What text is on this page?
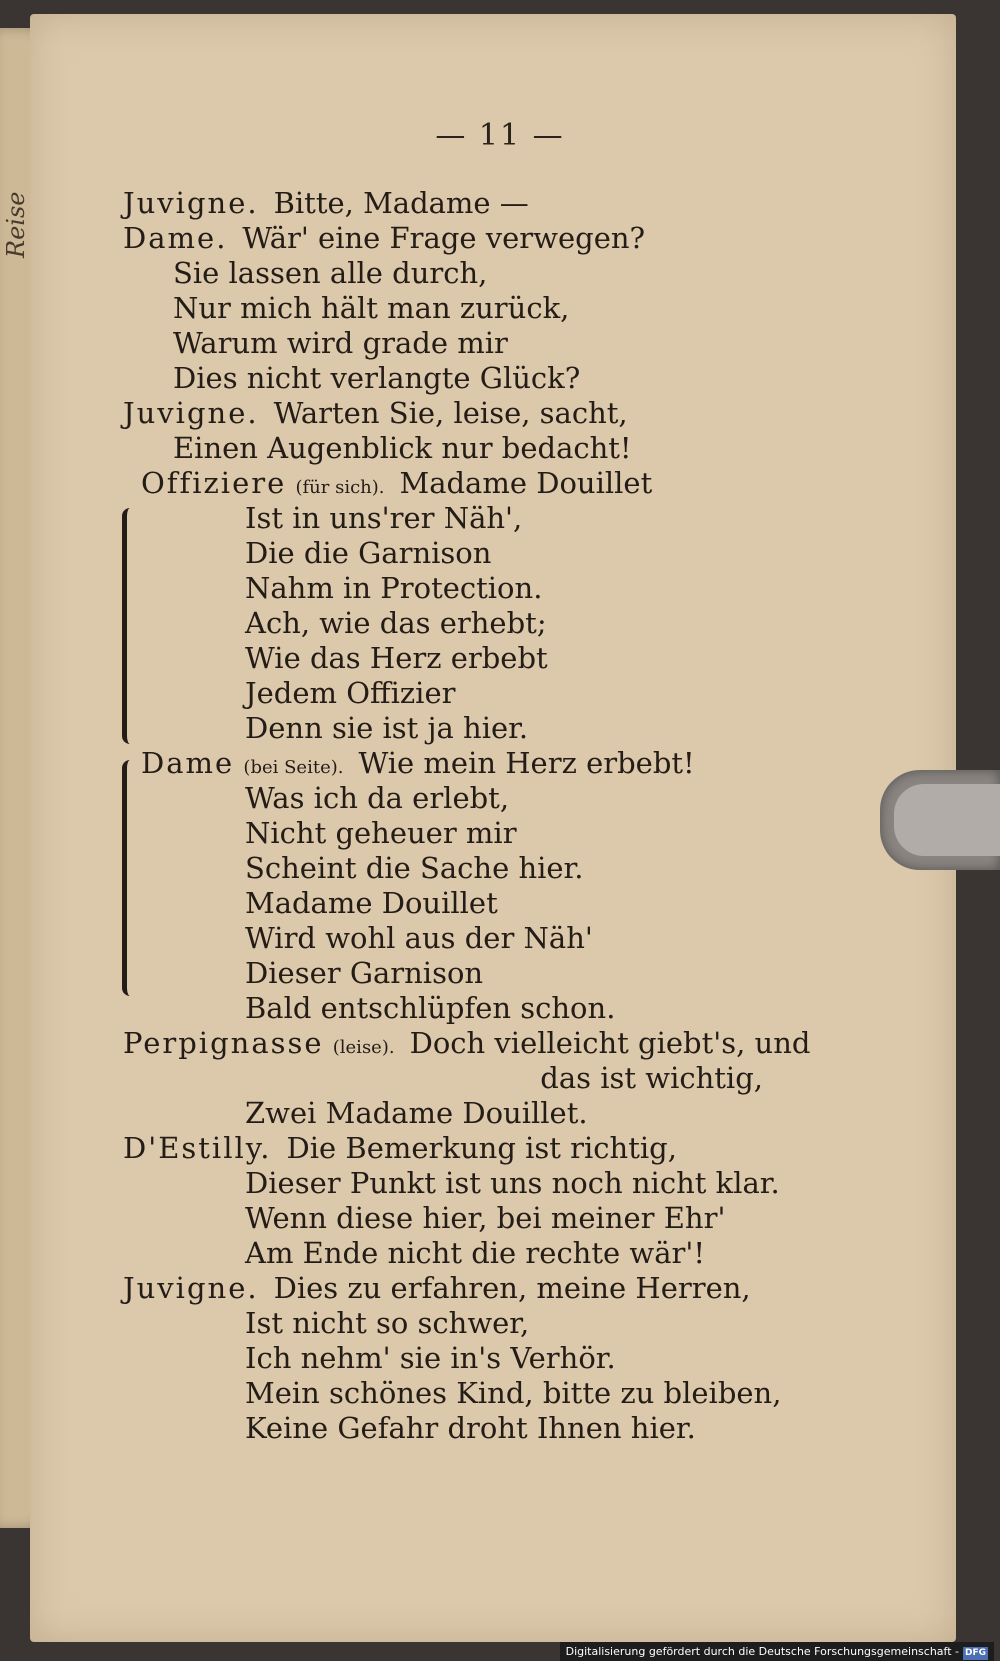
Reise
— 11 —
Juvigne. Bitte, Madame —
Dame. Wär' eine Frage verwegen?
Sie lassen alle durch,
Nur mich hält man zurück,
Warum wird grade mir
Dies nicht verlangte Glück?
Juvigne. Warten Sie, leise, sacht,
Einen Augenblick nur bedacht!
Offiziere (für sich). Madame Douillet
Ist in uns'rer Näh',
Die die Garnison
Nahm in Protection.
Ach, wie das erhebt;
Wie das Herz erbebt
Jedem Offizier
Denn sie ist ja hier.
Dame (bei Seite). Wie mein Herz erbebt!
Was ich da erlebt,
Nicht geheuer mir
Scheint die Sache hier.
Madame Douillet
Wird wohl aus der Näh'
Dieser Garnison
Bald entschlüpfen schon.
Perpignasse (leise). Doch vielleicht giebt's, und
das ist wichtig,
Zwei Madame Douillet.
D'Estilly. Die Bemerkung ist richtig,
Dieser Punkt ist uns noch nicht klar.
Wenn diese hier, bei meiner Ehr'
Am Ende nicht die rechte wär'!
Juvigne. Dies zu erfahren, meine Herren,
Ist nicht so schwer,
Ich nehm' sie in's Verhör.
Mein schönes Kind, bitte zu bleiben,
Keine Gefahr droht Ihnen hier.
Digitalisierung gefördert durch die Deutsche Forschungsgemeinschaft - DFG
